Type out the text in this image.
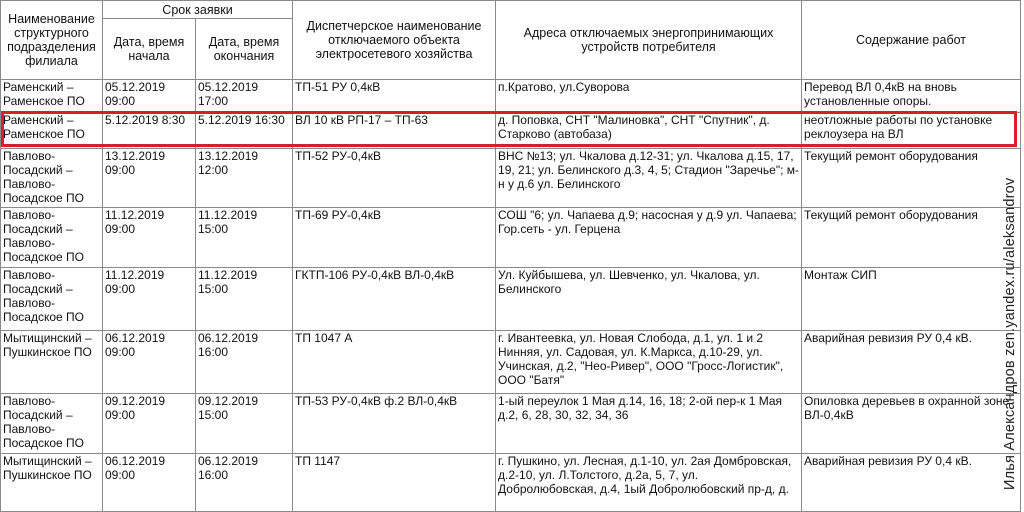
Наименование структурного подразделения филиала	Срок заявки		Диспетчерское наименование отключаемого объекта электросетевого хозяйства	Адреса отключаемых энергопринимающих устройств потребителя	Содержание работ
	Дата, время начала	Дата, время окончания			
Раменский – Раменское ПО	05.12.2019 09:00	05.12.2019 17:00	ТП-51 РУ 0,4кВ	п.Кратово, ул.Суворова	Перевод ВЛ 0,4кВ на вновь установленные опоры.
Раменский – Раменское ПО	5.12.2019 8:30	5.12.2019 16:30	ВЛ 10 кВ РП-17 – ТП-63	д. Поповка, СНТ "Малиновка", СНТ "Спутник", д. Старково (автобаза)	неотложные работы по установке реклоузера на ВЛ
Павлово-Посадский – Павлово-Посадское ПО	13.12.2019 09:00	13.12.2019 12:00	ТП-52 РУ-0,4кВ	ВНС №13; ул. Чкалова д.12-31; ул. Чкалова д.15, 17, 19, 21; ул. Белинского д.3, 4, 5; Стадион "Заречье"; м-н у д.6 ул. Белинского	Текущий ремонт оборудования
Павлово-Посадский – Павлово-Посадское ПО	11.12.2019 09:00	11.12.2019 15:00	ТП-69 РУ-0,4кВ	СОШ "6; ул. Чапаева д.9; насосная у д.9 ул. Чапаева; Гор.сеть - ул. Герцена	Текущий ремонт оборудования
Павлово-Посадский – Павлово-Посадское ПО	11.12.2019 09:00	11.12.2019 15:00	ГКТП-106 РУ-0,4кВ ВЛ-0,4кВ	Ул. Куйбышева, ул. Шевченко, ул. Чкалова, ул. Белинского	Монтаж СИП
Мытищинский – Пушкинское ПО	06.12.2019 09:00	06.12.2019 16:00	ТП 1047 А	г. Ивантеевка, ул. Новая Слобода, д.1, ул. 1 и 2 Нинняя, ул. Садовая, ул. К.Маркса, д.10-29, ул. Учинская, д.2, "Нео-Ривер", ООО "Гросс-Логистик", ООО "Батя"	Аварийная ревизия РУ 0,4 кВ.
Павлово-Посадский – Павлово-Посадское ПО	09.12.2019 09:00	09.12.2019 15:00	ТП-53 РУ-0,4кВ ф.2 ВЛ-0,4кВ	1-ый переулок 1 Мая д.14, 16, 18; 2-ой пер-к 1 Мая д.2, 6, 28, 30, 32, 34, 36	Опиловка деревьев в охранной зоне ВЛ-0,4кВ
Мытищинский – Пушкинское ПО	06.12.2019 09:00	06.12.2019 16:00	ТП 1147	г. Пушкино, ул. Лесная, д.1-10, ул. 2ая Домбровская, д.2-10, ул. Л.Толстого, д.2а, 5, 7, ул. Добролюбовская, д.4, 1ый Добролюбовский пр-д, д.	Аварийная ревизия РУ 0,4 кВ. Илья Александров zen.yandex.ru/aleksandrov
